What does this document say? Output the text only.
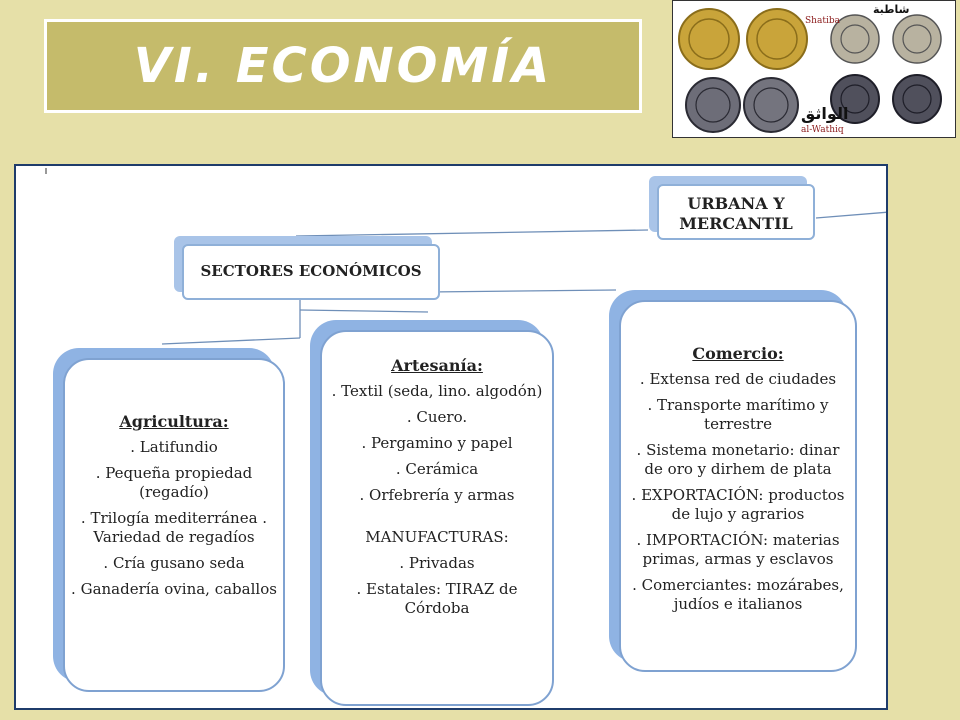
VI. ECONOMÍA
شاطبة
Shatiba
الواثق
al-Wathiq
URBANA Y MERCANTIL
SECTORES ECONÓMICOS
Agricultura:
. Latifundio
. Pequeña propiedad (regadío)
. Trilogía mediterránea . Variedad de regadíos
. Cría gusano seda
. Ganadería ovina, caballos
Artesanía:
. Textil (seda, lino. algodón)
. Cuero.
. Pergamino y papel
. Cerámica
. Orfebrería y armas
MANUFACTURAS:
. Privadas
. Estatales: TIRAZ de Córdoba
Comercio:
. Extensa red de ciudades
. Transporte marítimo y terrestre
. Sistema monetario: dinar de oro y dirhem de plata
. EXPORTACIÓN: productos de lujo y agrarios
. IMPORTACIÓN: materias primas, armas y esclavos
. Comerciantes: mozárabes, judíos e italianos
